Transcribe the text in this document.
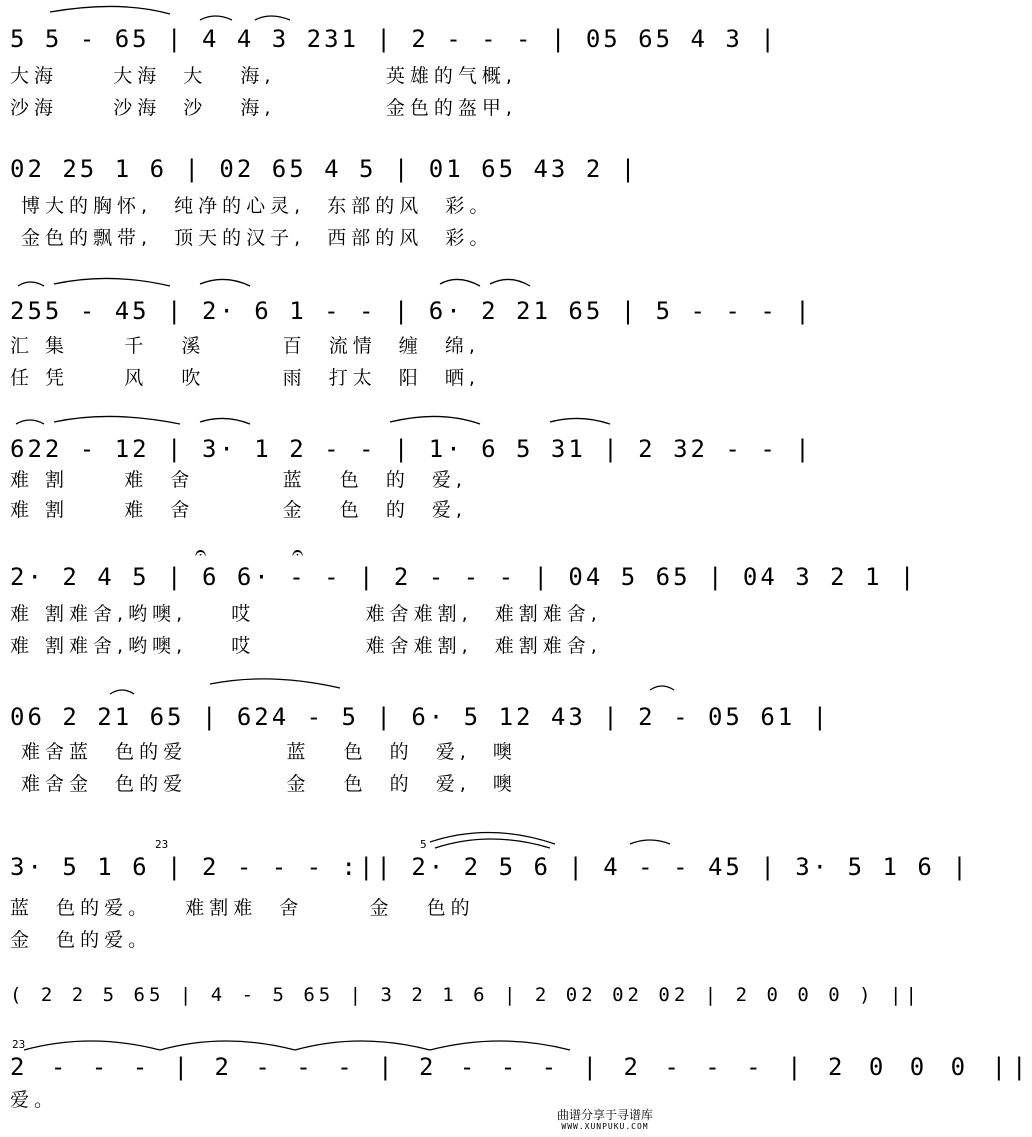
5 5 - 65 | 4 4 3 231 | 2 - - - | 05 65 4 3 |
大海     大海  大   海,          英雄的气概,
沙海     沙海  沙   海,          金色的盔甲,
02 25 1 6 | 02 65 4 5 | 01 65 43 2 |
博大的胸怀,  纯净的心灵,  东部的风  彩。
金色的飘带,  顶天的汉子,  西部的风  彩。
255 - 45 | 2· 6 1 - - | 6· 2 21 65 | 5 - - - |
汇 集     千   溪       百  流情  缠  绵,
任 凭     风   吹       雨  打太  阳  晒,
622 - 12 | 3· 1 2 - - | 1· 6 5 31 | 2 32 - - |
难 割     难  舍        蓝   色  的  爱,
难 割     难  舍        金   色  的  爱,
𝄐	𝄐
2· 2 4 5 | 6 6· - - | 2 - - - | 04 5 65 | 04 3 2 1 |
难 割难舍,哟噢,    哎          难舍难割,  难割难舍,
难 割难舍,哟噢,    哎          难舍难割,  难割难舍,
06 2 21 65 | 624 - 5 | 6· 5 12 43 | 2 - 05 61 |
难舍蓝  色的爱         蓝   色  的  爱,  噢
难舍金  色的爱         金   色  的  爱,  噢
23	5
3· 5 1 6 | 2 - - - :|| 2· 2 5 6 | 4 - - 45 | 3· 5 1 6 |
蓝  色的爱。   难割难  舍      金   色的
金  色的爱。
( 2 2 5 65 | 4 - 5 65 | 3 2 1 6 | 2 02 02 02 | 2 0 0 0 ) ||
23
2 - - - | 2 - - - | 2 - - - | 2 - - - | 2 0 0 0 ||
爱。
曲谱分享于寻谱库
WWW.XUNPUKU.COM
